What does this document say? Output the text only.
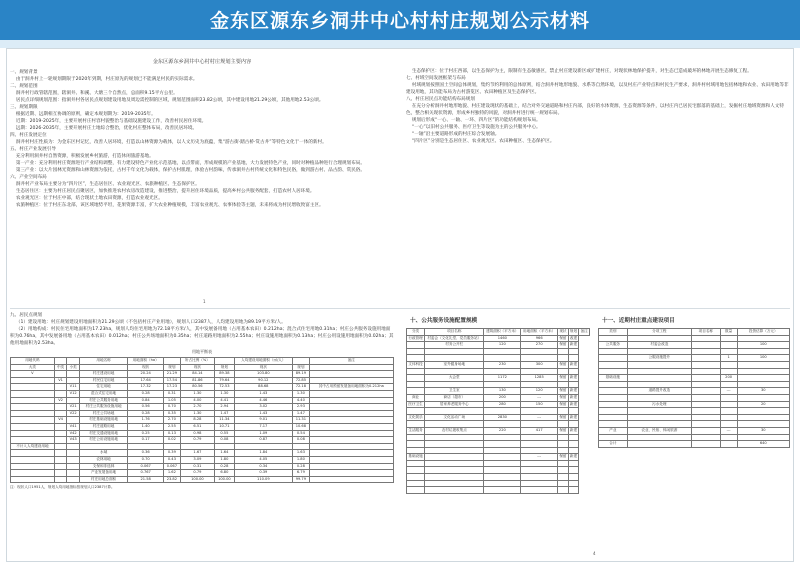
金东区源东乡洞井中心村村庄规划公示材料
金东区源东乡洞井中心村村庄规划主要内容

一、规划背景

由于洞井村上一轮规划期限于2020年到期，村庄原先的规划已不能满足村民的实际需求。

二、规划范围

洞井村行政管辖范围，辖洞井、和溪、大塘三个自然点，总面积9.15平方公里。

居民点详细规划范围：指洞井村各居民点规划建设用地及周边需控制的区域，规划范围面积23.82公顷，其中建设用地21.29公顷，其他用地2.53公顷。

三、规划期限

根据近期、远期相互协调的原则，确定本规划期为：2019-2035年。

近期：2019-2025年，主要开展村庄村容村貌整治与基础设施建设工作，改善村民居住环境。

远期：2026-2035年，主要开展村庄土地综合整治，优化村庄整体布局，改善民居环境。

四、村庄发展定位

洞井村村庄性质为：为金东区村记忆，改善人居环境，打造以山林资源为载体，以人文历史为底蕴，集“游古街·踏古桥·赏古井”等特色文化于一体的新村。

五、村庄产业发展引导

充分利用洞井村自然资源，积极发展乡村旅游，打造休闲旅游基地。

第一产业：充分利用村庄资源进行产业结构调整，有力建设特色产业化示范基地，以点带面，形成规模的产业基地，大力发展特色产业，同时对种植品种进行合理规划布局。

第三产业：以大片园林光资源和山林资源为依托，古村千年文化为载体，保护古村肌理，体验古村韵味，传承洞井古村传统文化和特色民俗，做到游古村、品古韵、赏民俗。

六、产业空间布局

洞井村产业布局主要分为“四片区”，生态居住区、农业观光区、农旅种植区、生态保护区。

生态居住区：主要为村庄居民点聚居区，加快推进农村农房改造建设，推进整治，提升居住环境品质，提高乡村公共服务配套，打造农村人居环境。

农业观光区：位于村庄中部，结合现状土地农田资源，打造农业观光区。

农旅种植区：位于村庄东北部，该区域地势平坦，花果资源丰富，扩大农业种植规模，丰富农业观光、农事体验等主题，未来将成为村民增收致富主区。

生态保护区：位于村庄西部，以生态保护为主，限制有生态敏感区，禁止村庄建设新区或扩建村庄，对现状林地保护提升，对生态已造成破坏的林地开展生态修复工程。

七、村域空间发展框架与布局

村域规划按照国土空间总体规划，集约节约利用的总体原则，结合洞井村地形地貌、水系等自然环境，以及村庄产业特点和村民生产要求，洞井村村域用地包括林地和农业、农田用地等非建设用地，其功能布局为古村游览区、农田种植区及生态保护区。

八、村庄居民点功能结构布局规划

在充分分析洞井村地形地貌、村庄建设现状的基础上，结合对外交通道路和村庄内部，良好的水体资源，生态资源等条件，以村庄内已居民宅群落的基础上，发掘村庄地域资源和人文特色，整合相关现状资源，形成乡村独特的风貌，对洞井村进行统一规划布局。

规划后形成“一心、一轴、一环、四片区”的功能结构规划布局。

“一心”以旧村公共服务、医疗卫生等设施为主的公共服务中心。

“一轴”沿主要道路形成的村庄综合发展轴。

“四片区”分别是生态居住区、农业观光区、农田种植区、生态保护区。

1

九、居民点规划

（1）建设用地：村庄规划建设用地面积为21.29公顷（不包括村庄产业用地），规划人口2387人，人均建设用地为89.19平方米/人。

（2）用地构成：村民住宅用地面积为17.23ha，规划人均住宅用地为72.18平方米/人，其中发展备用地（占用基本农田）0.212ha；混合式住宅用地0.31ha；村庄公共服务设施用地面积为0.76ha，其中发展备用地（占用基本农田）0.012ha；村庄公共场地面积为0.35ha；村庄道路用地面积为2.55ha；村庄设施用地面积为0.13ha；村庄公用设施用地面积为0.02ha；其他用地面积为2.53ha。

用地平衡表
用地代码			用地名称	用地面积（ha）		所占比例（%）		人均建设用地面积（㎡/人）		备注
大类	中类	小类		现状	规划	现状	规划	现状	规划	
V			村庄建设用地	20.24	21.29	84.14	89.38	103.80	89.19	
	V1		村民住宅用地	17.64	17.54	81.86	79.64	90.12	72.85	
		V11	住宅用地	17.32	17.23	80.56	72.53	88.68	72.18	其中占用预留发展备用地面积为0.212ha
		V12	混合式住宅用地	0.28	0.31	1.30	1.30	1.43	1.30	
	V2		村庄公共服务用地	0.84	1.05	4.00	4.41	4.46	4.40	
		V21	村庄公共服务设施用地	0.56	0.70	2.70	2.94	3.02	2.93	
		V22	村庄公共场地	0.28	0.35	1.30	1.47	1.43	1.47	
	V4		村庄基础设施用地	1.76	2.70	8.28	11.34	9.01	11.31	
		V41	村庄道路用地	1.40	2.55	6.51	10.71	7.17	10.68	
		V42	村庄交通设施用地	0.25	0.13	0.98	0.55	1.09	0.54	
		V43	村庄公用设施用地	0.17	0.02	0.79	0.08	0.87	0.08	
不计入人均建设用地										
			水域	0.36	0.39	1.67	1.64	1.84	1.63	
			农林用地	0.70	0.43	3.09	1.80	4.05	1.80	
			支保和非选林	0.067	0.067	0.31	0.28	0.34	0.28	
			产业发展备用地	0.767	1.62	0.79	6.80	0.39	6.79	
			村庄用地总面积	21.58	23.82	100.00	100.00	110.09	99.79	
注：现状人口1951人，规划人均用地指标按规划人口2387计算。
十、公共服务设施配置规模
分类	项目名称	建筑面积（平方米）	用地面积（平方米）	现状	规划	备注
行政管理	村委会（文化礼堂、党员服务站）	1460	966	保留	改建	
	村务公开栏	120	270	保留	新建	

文体科技	室外健身场地	230	300	保留	新建	

	大会堂	1172	1285	保留	新建	

	卫生室	130	120	保留	新建	
商业	商店（超市）	200	---	保留	新建	
医疗卫生	居家养老服务中心	280	150	保留	新建	

文化娱乐	文化活动广场	2830	---	保留	新建	

生活服务	农村垃圾收集点	220	417	保留	新建	

基础设施			---	保留	新建	

十一、近期村庄重点建设项目
类别	分项工程	项目名称	数量	投资估算（万元）

公共服务	村委会改造			100

	公服设施提升		1	100

基础设施			200	

	道路提升改造		---	30

	污水处理			20

产业	农业、民宿、休闲旅游		---	30

合计				640
4
